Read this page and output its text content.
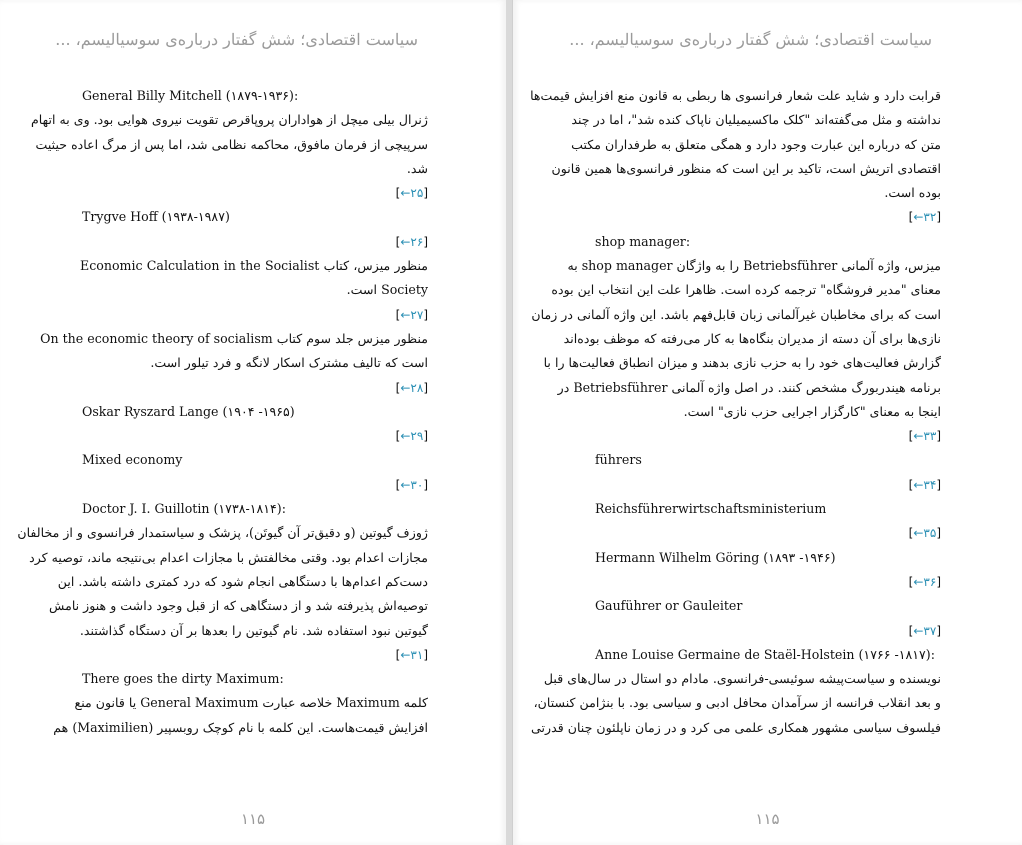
سیاست اقتصادی؛ شش گفتار درباره‌ی سوسیالیسم، ...
General Billy Mitchell (۱۸۷۹-۱۹۳۶):
ژنرال بیلی میچل از هواداران پروپاقرص تقویت نیروی هوایی بود. وی به اتهام
سرپیچی از فرمان مافوق، محاکمه نظامی شد، اما پس از مرگ اعاده حیثیت
شد.
[←۲۵]
Trygve Hoff (۱۹۳۸-۱۹۸۷)
[←۲۶]
منظور میزس، کتاب Economic Calculation in the Socialist
Society است.
[←۲۷]
منظور میزس جلد سوم کتاب On the economic theory of socialism
است که تالیف مشترک اسکار لانگه و فرد تیلور است.
[←۲۸]
Oskar Ryszard Lange (۱۹۰۴ -۱۹۶۵)
[←۲۹]
Mixed economy
[←۳۰]
Doctor J. I. Guillotin (۱۷۳۸-۱۸۱۴):
ژوزف گیوتین (و دقیق‌تر آن گیوتَن)، پزشک و سیاستمدار فرانسوی و از مخالفان
مجازات اعدام بود. وقتی مخالفتش با مجازات اعدام بی‌نتیجه ماند، توصیه کرد
دست‌کم اعدام‌ها با دستگاهی انجام شود که درد کمتری داشته باشد. این
توصیه‌اش پذیرفته شد و از دستگاهی که از قبل وجود داشت و هنوز نامش
گیوتین نبود استفاده شد. نام گیوتین را بعدها بر آن دستگاه گذاشتند.
[←۳۱]
There goes the dirty Maximum:
کلمه Maximum خلاصه عبارت General Maximum یا قانون منع
افزایش قیمت‌هاست. این کلمه با نام کوچک روبسپیر (Maximilien) هم
۱۱۵
سیاست اقتصادی؛ شش گفتار درباره‌ی سوسیالیسم، ...
قرابت دارد و شاید علت شعار فرانسوی ها ربطی به قانون منع افزایش قیمت‌ها
نداشته و مثل می‌گفته‌اند "کلک ماکسیمیلیان ناپاک کنده شد"، اما در چند
متن که درباره این عبارت وجود دارد و همگی متعلق به طرفداران مکتب
اقتصادی اتریش است، تاکید بر این است که منظور فرانسوی‌ها همین قانون
بوده است.
[←۳۲]
shop manager:
میزس، واژه آلمانی Betriebsführer را به واژگان shop manager به
معنای "مدیر فروشگاه" ترجمه کرده است. ظاهرا علت این انتخاب این بوده
است که برای مخاطبان غیرآلمانی زبان قابل‌فهم باشد. این واژه آلمانی در زمان
نازی‌ها برای آن دسته از مدیران بنگاه‌ها به کار می‌رفته که موظف بوده‌اند
گزارش فعالیت‌های خود را به حزب نازی بدهند و میزان انطباق فعالیت‌ها را با
برنامه هیندربورگ مشخص کنند. در اصل واژه آلمانی Betriebsführer در
اینجا به معنای "کارگزار اجرایی حزب نازی" است.
[←۳۳]
führers
[←۳۴]
Reichsführerwirtschaftsministerium
[←۳۵]
Hermann Wilhelm Göring (۱۸۹۳ -۱۹۴۶)
[←۳۶]
Gauführer or Gauleiter
[←۳۷]
Anne Louise Germaine de Staël-Holstein (۱۷۶۶ -۱۸۱۷):
نویسنده و سیاست‌پیشه سوئیسی-فرانسوی. مادام دو استال در سال‌های قبل
و بعد انقلاب فرانسه از سرآمدان محافل ادبی و سیاسی بود. با بنژامن کنستان،
فیلسوف سیاسی مشهور همکاری علمی می کرد و در زمان ناپلئون چنان قدرتی
۱۱۵
